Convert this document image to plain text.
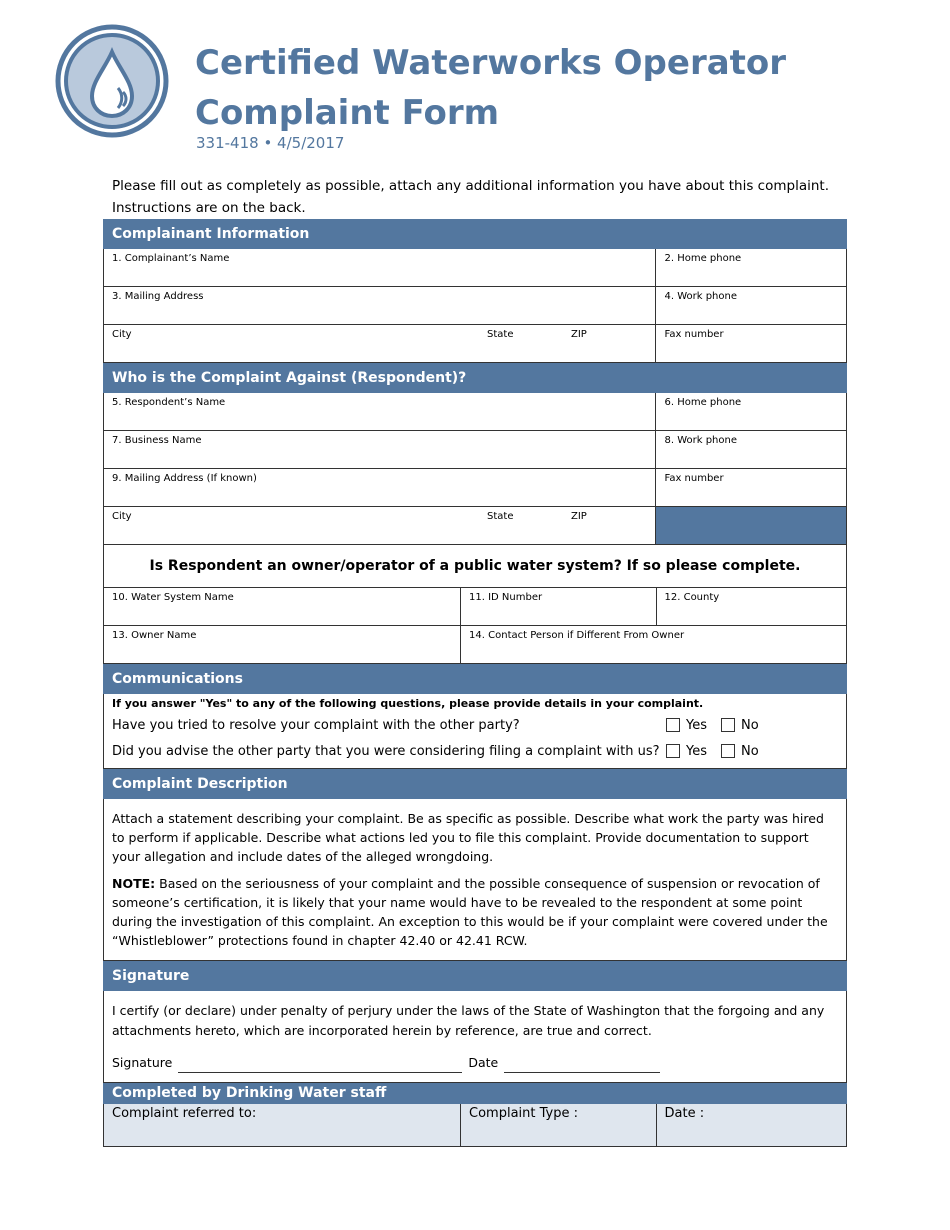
Certified Waterworks Operator
Complaint Form
331-418 • 4/5/2017
Please fill out as completely as possible, attach any additional information you have about this complaint.
Instructions are on the back.
Complainant Information
1. Complainant’s Name	2. Home phone
3. Mailing Address	4. Work phone
City	State	ZIP	Fax number
Who is the Complaint Against (Respondent)?
5. Respondent’s Name	6. Home phone
7. Business Name	8. Work phone
9. Mailing Address (If known)	Fax number
City	State	ZIP
Is Respondent an owner/operator of a public water system? If so please complete.
10. Water System Name	11. ID Number	12. County
13. Owner Name	14. Contact Person if Different From Owner
Communications
If you answer "Yes" to any of the following questions, please provide details in your complaint.
Have you tried to resolve your complaint with the other party?	Yes	No
Did you advise the other party that you were considering filing a complaint with us?	Yes	No
Complaint Description

Attach a statement describing your complaint. Be as specific as possible. Describe what work the party was hired to perform if applicable. Describe what actions led you to file this complaint. Provide documentation to support your allegation and include dates of the alleged wrongdoing.

NOTE: Based on the seriousness of your complaint and the possible consequence of suspension or revocation of someone’s certification, it is likely that your name would have to be revealed to the respondent at some point during the investigation of this complaint. An exception to this would be if your complaint were covered under the “Whistleblower” protections found in chapter 42.40 or 42.41 RCW.

Signature
I certify (or declare) under penalty of perjury under the laws of the State of Washington that the forgoing and any attachments hereto, which are incorporated herein by reference, are true and correct.
Signature	Date
Completed by Drinking Water staff
Complaint referred to:	Complaint Type :	Date :
